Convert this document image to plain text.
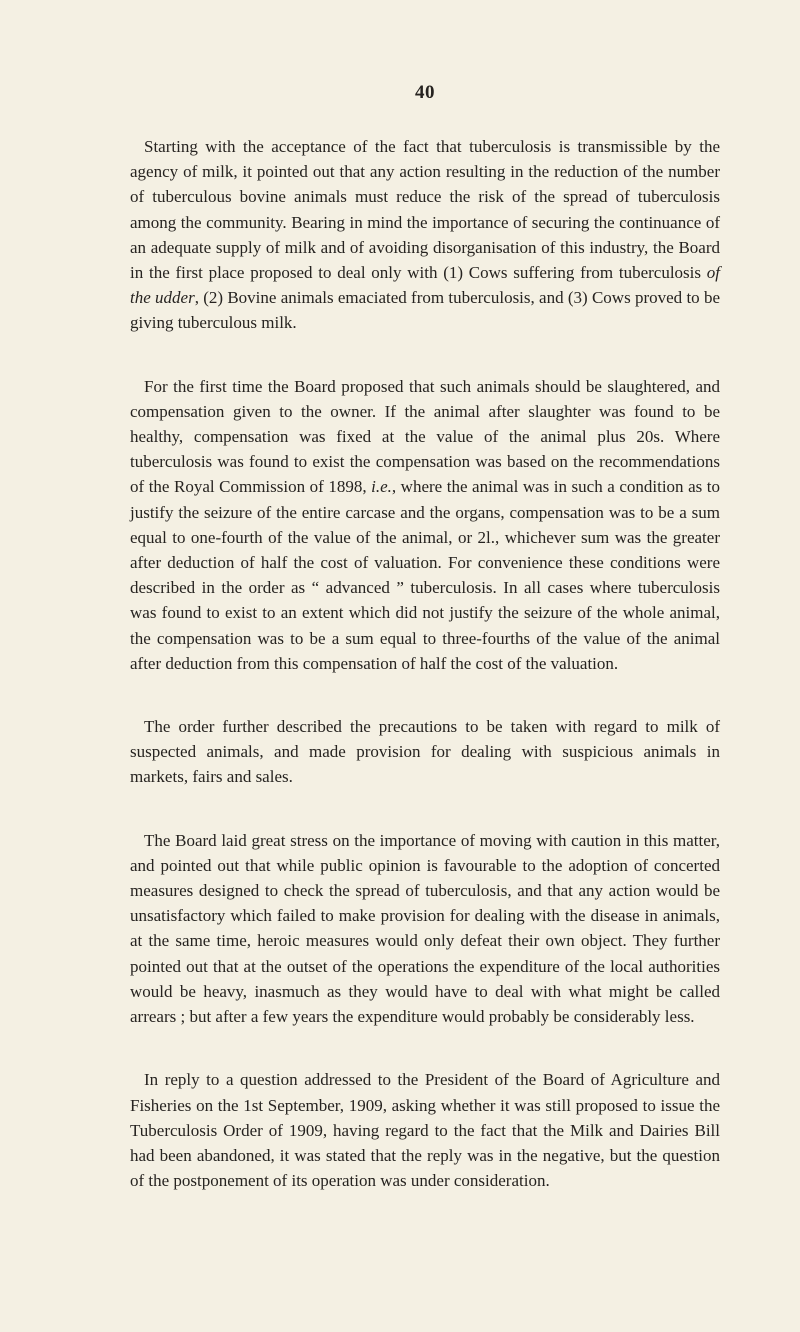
40

Starting with the acceptance of the fact that tuberculosis is transmissible by the agency of milk, it pointed out that any action resulting in the reduction of the number of tuberculous bovine animals must reduce the risk of the spread of tuberculosis among the community. Bearing in mind the importance of securing the continuance of an adequate supply of milk and of avoiding disorganisation of this industry, the Board in the first place proposed to deal only with (1) Cows suffering from tuberculosis of the udder, (2) Bovine animals emaciated from tuberculosis, and (3) Cows proved to be giving tuberculous milk.

For the first time the Board proposed that such animals should be slaughtered, and compensation given to the owner. If the animal after slaughter was found to be healthy, compensation was fixed at the value of the animal plus 20s. Where tuberculosis was found to exist the compensation was based on the recommendations of the Royal Commission of 1898, i.e., where the animal was in such a condition as to justify the seizure of the entire carcase and the organs, compensation was to be a sum equal to one-fourth of the value of the animal, or 2l., whichever sum was the greater after deduction of half the cost of valuation. For convenience these conditions were described in the order as “ advanced ” tuberculosis. In all cases where tuberculosis was found to exist to an extent which did not justify the seizure of the whole animal, the compensation was to be a sum equal to three-fourths of the value of the animal after deduction from this compensation of half the cost of the valuation.

The order further described the precautions to be taken with regard to milk of suspected animals, and made provision for dealing with suspicious animals in markets, fairs and sales.

The Board laid great stress on the importance of moving with caution in this matter, and pointed out that while public opinion is favourable to the adoption of concerted measures designed to check the spread of tuberculosis, and that any action would be unsatisfactory which failed to make provision for dealing with the disease in animals, at the same time, heroic measures would only defeat their own object. They further pointed out that at the outset of the operations the expenditure of the local authorities would be heavy, inasmuch as they would have to deal with what might be called arrears ; but after a few years the expenditure would probably be considerably less.

In reply to a question addressed to the President of the Board of Agriculture and Fisheries on the 1st September, 1909, asking whether it was still proposed to issue the Tuberculosis Order of 1909, having regard to the fact that the Milk and Dairies Bill had been abandoned, it was stated that the reply was in the negative, but the question of the postponement of its operation was under consideration.
